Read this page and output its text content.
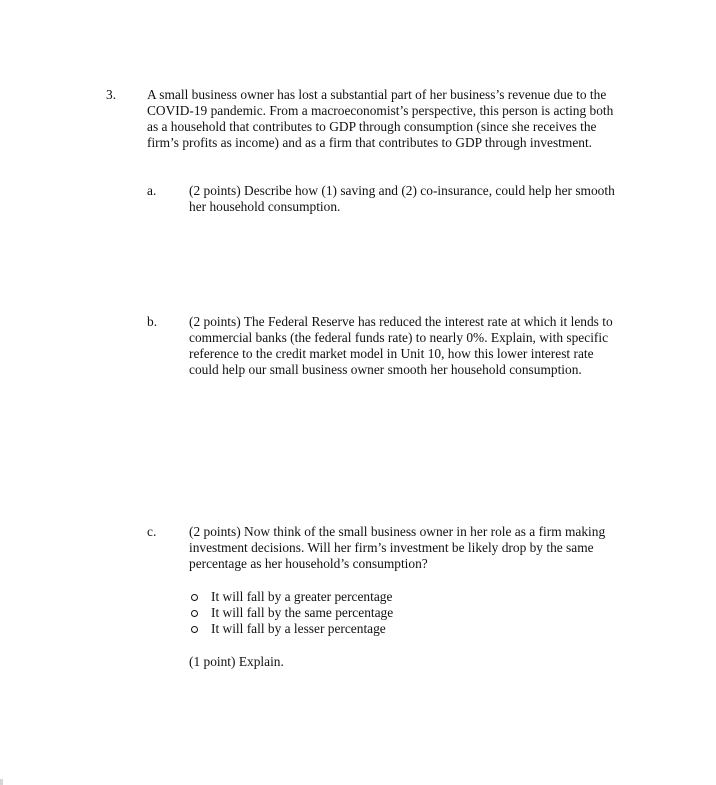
3. A small business owner has lost a substantial part of her business’s revenue due to the COVID-19 pandemic. From a macroeconomist’s perspective, this person is acting both as a household that contributes to GDP through consumption (since she receives the firm’s profits as income) and as a firm that contributes to GDP through investment.

a. (2 points) Describe how (1) saving and (2) co-insurance, could help her smooth her household consumption.

b. (2 points) The Federal Reserve has reduced the interest rate at which it lends to commercial banks (the federal funds rate) to nearly 0%. Explain, with specific reference to the credit market model in Unit 10, how this lower interest rate could help our small business owner smooth her household consumption.

c. (2 points) Now think of the small business owner in her role as a firm making investment decisions. Will her firm’s investment be likely drop by the same percentage as her household’s consumption?

It will fall by a greater percentage
It will fall by the same percentage
It will fall by a lesser percentage

(1 point) Explain.
